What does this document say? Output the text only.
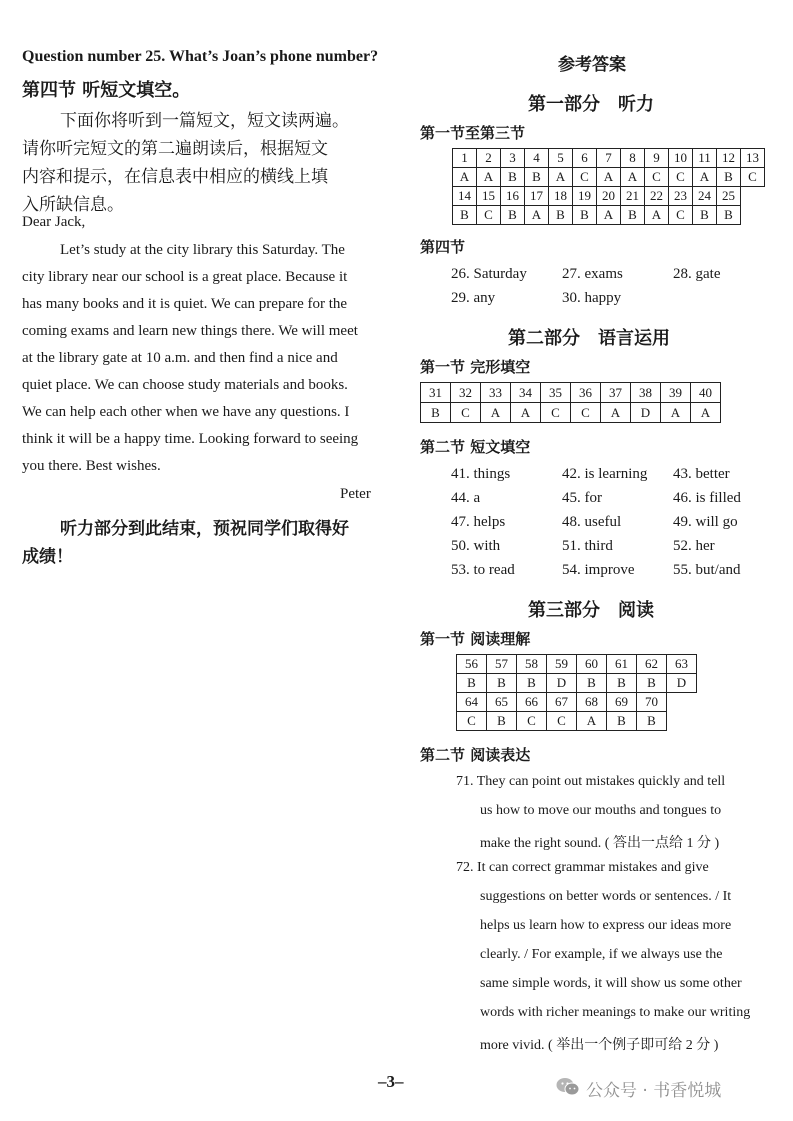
Question number 25. What’s Joan’s phone number?
第四节 听短文填空。
下面你将听到一篇短文，短文读两遍。
请你听完短文的第二遍朗读后，根据短文
内容和提示，在信息表中相应的横线上填
入所缺信息。
Dear Jack,
Let’s study at the city library this Saturday. The
city library near our school is a great place. Because it
has many books and it is quiet. We can prepare for the
coming exams and learn new things there. We will meet
at the library gate at 10 a.m. and then find a nice and
quiet place. We can choose study materials and books.
We can help each other when we have any questions. I
think it will be a happy time. Looking forward to seeing
you there. Best wishes.
Peter
听力部分到此结束，预祝同学们取得好
成绩！
参考答案
第一部分　听力
第一节至第三节
1	2	3	4	5	6	7	8	9	10	11	12	13
A	A	B	B	A	C	A	A	C	C	A	B	C
14	15	16	17	18	19	20	21	22	23	24	25	
B	C	B	A	B	B	A	B	A	C	B	B	
第四节
26. Saturday 27. exams	28. gate
29. any	30. happy
第二部分　语言运用
第一节 完形填空
31	32	33	34	35	36	37	38	39	40
B	C	A	A	C	C	A	D	A	A
第二节 短文填空
41. things	42. is learning 43. better
44. a	45. for	46. is filled
47. helps	48. useful	49. will go
50. with	51. third	52. her
53. to read	54. improve	55. but/and
第三部分　阅读
第一节 阅读理解
56	57	58	59	60	61	62	63
B	B	B	D	B	B	B	D
64	65	66	67	68	69	70	
C	B	C	C	A	B	B	
第二节 阅读表达
71. They can point out mistakes quickly and tell
us how to move our mouths and tongues to
make the right sound. ( 答出一点给 1 分 )
72. It can correct grammar mistakes and give
suggestions on better words or sentences. / It
helps us learn how to express our ideas more
clearly. / For example, if we always use the
same simple words, it will show us some other
words with richer meanings to make our writing
more vivid. ( 举出一个例子即可给 2 分 )
–3–	公众号 · 书香悦城
